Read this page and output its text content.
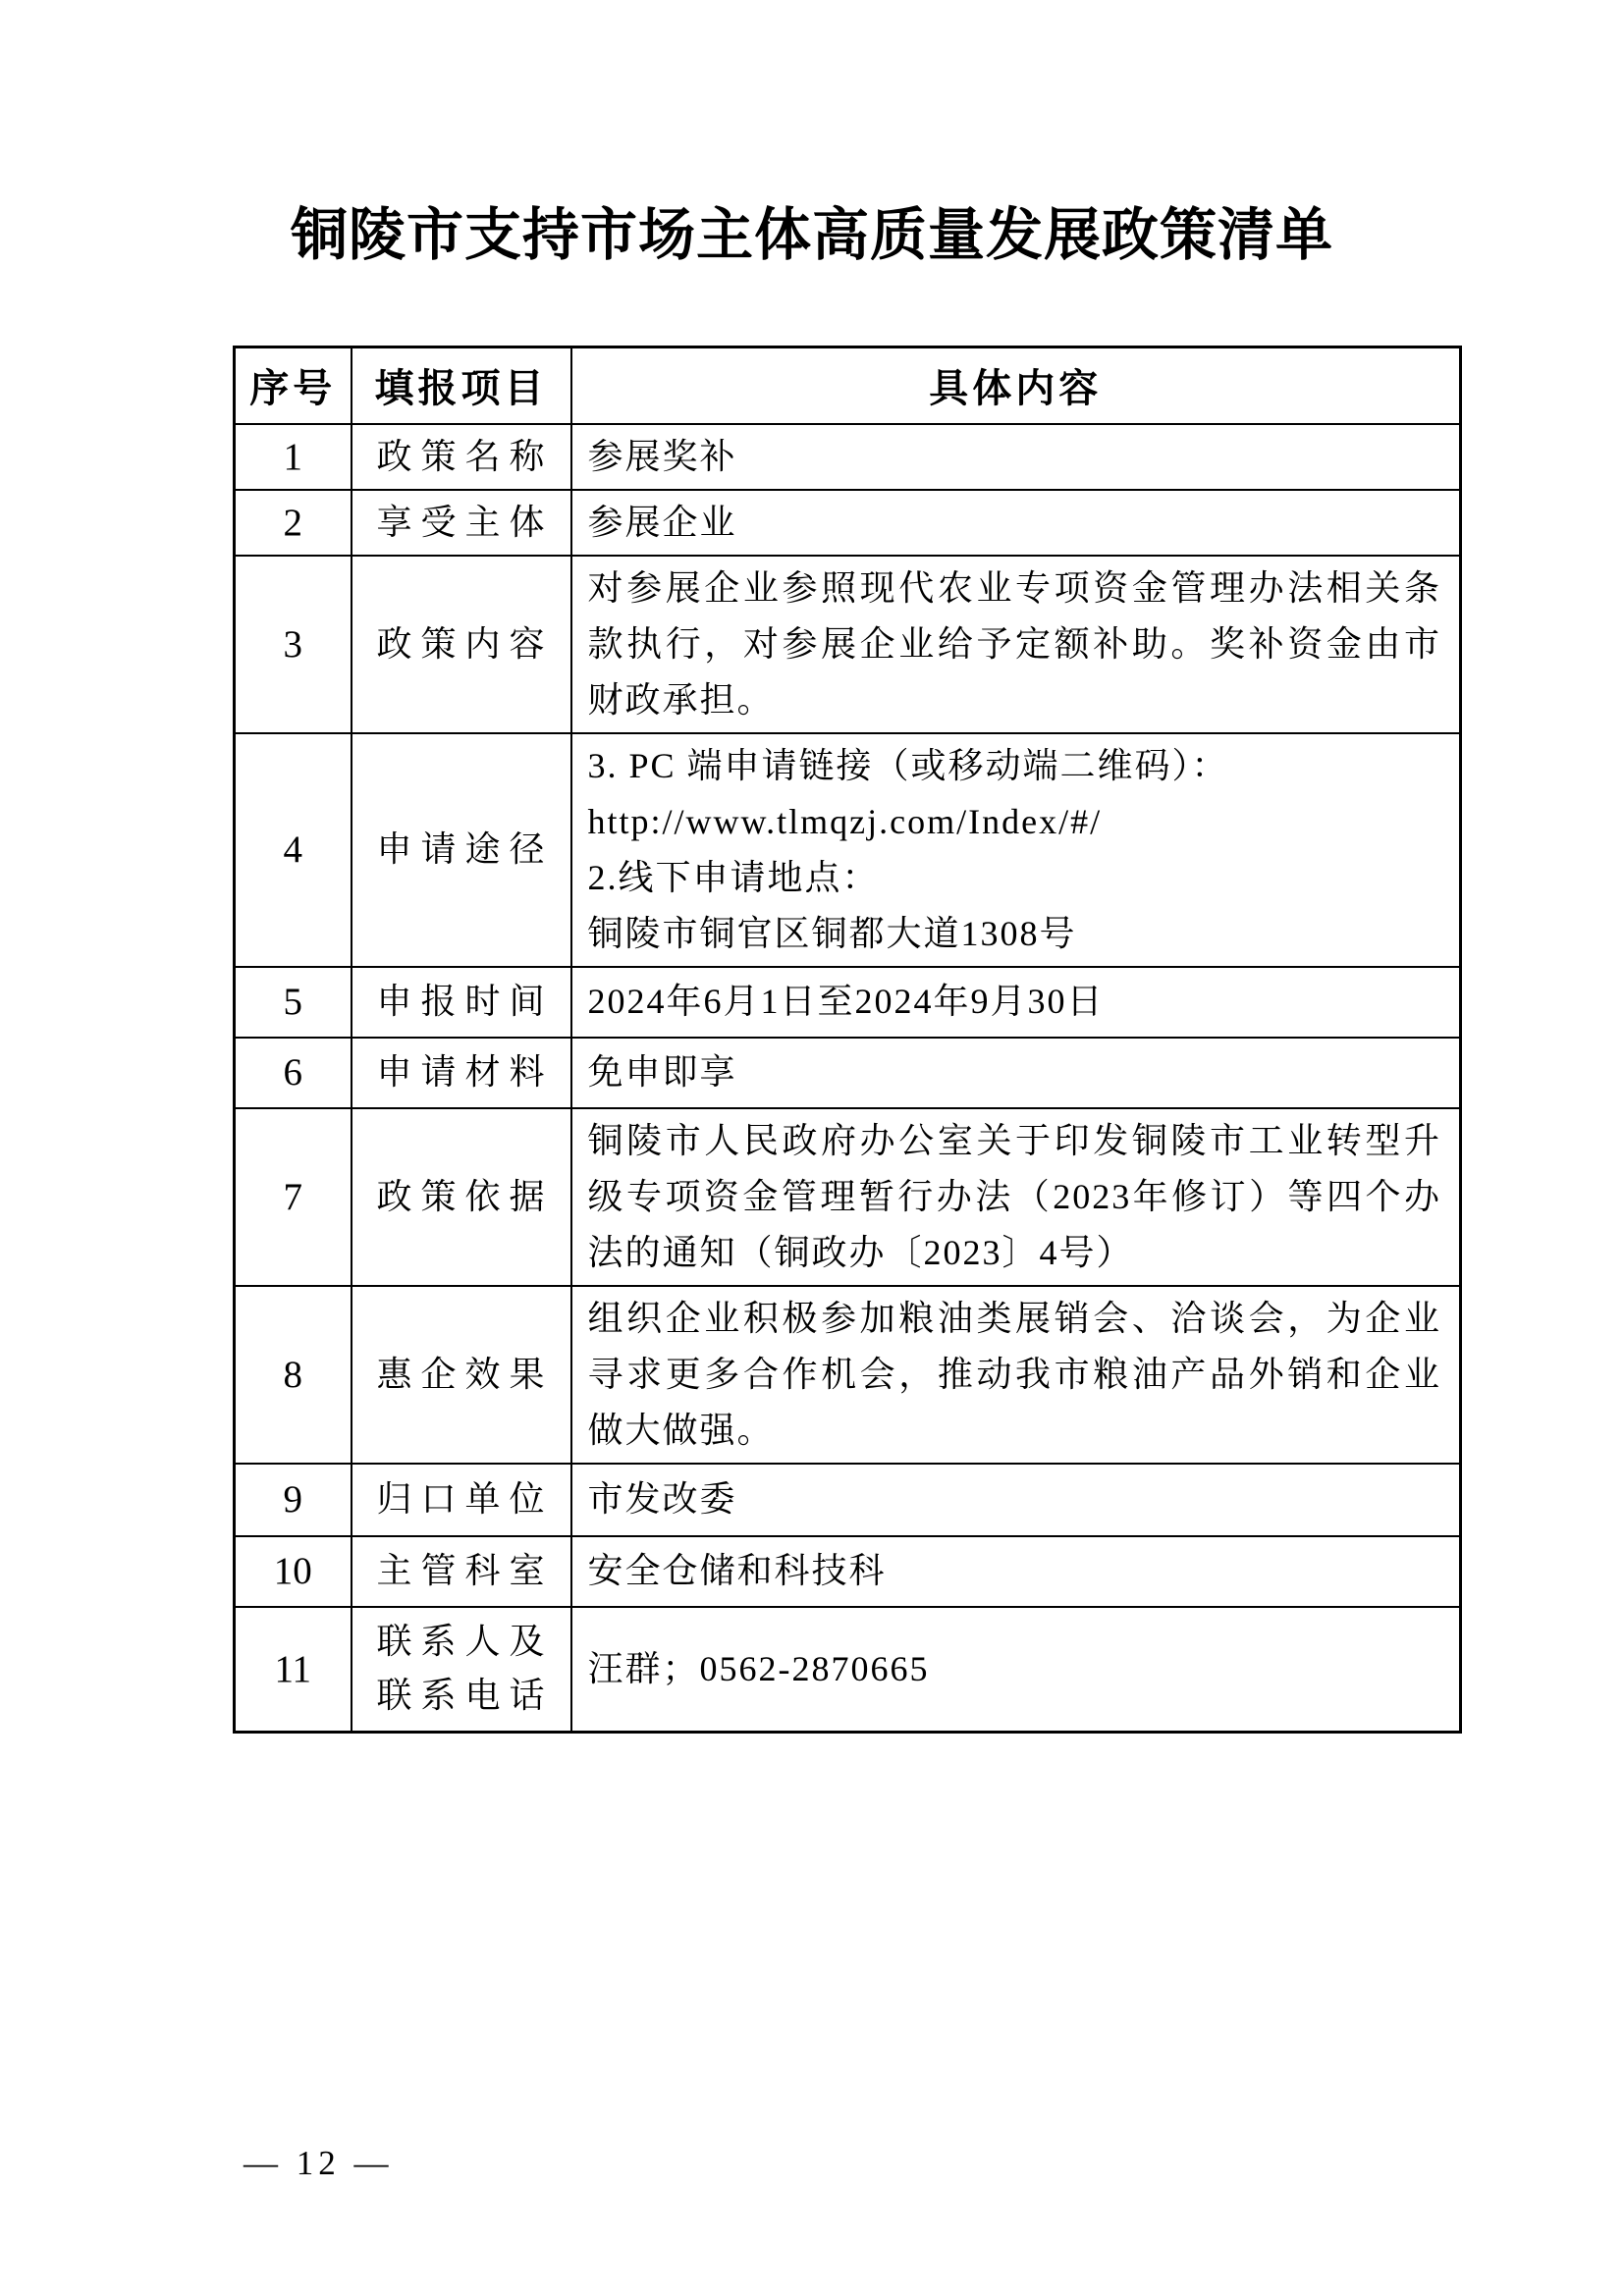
铜陵市支持市场主体高质量发展政策清单
序号	填报项目	具体内容
1	政策名称	参展奖补

2	享受主体	参展企业

3	政策内容	对参展企业参照现代农业专项资金管理办法相关条款执行，对参展企业给予定额补助。奖补资金由市财政承担。

4	申请途径	3. PC 端申请链接（或移动端二维码）：
http://www.tlmqzj.com/Index/#/
2.线下申请地点：
铜陵市铜官区铜都大道1308号

5	申报时间	2024年6月1日至2024年9月30日

6	申请材料	免申即享

7	政策依据	铜陵市人民政府办公室关于印发铜陵市工业转型升级专项资金管理暂行办法（2023年修订）等四个办法的通知（铜政办〔2023〕4号）

8	惠企效果	组织企业积极参加粮油类展销会、洽谈会，为企业寻求更多合作机会，推动我市粮油产品外销和企业做大做强。

9	归口单位	市发改委

10	主管科室	安全仓储和科技科

11	联系人及
联系电话	汪群；0562-2870665
— 12 —
